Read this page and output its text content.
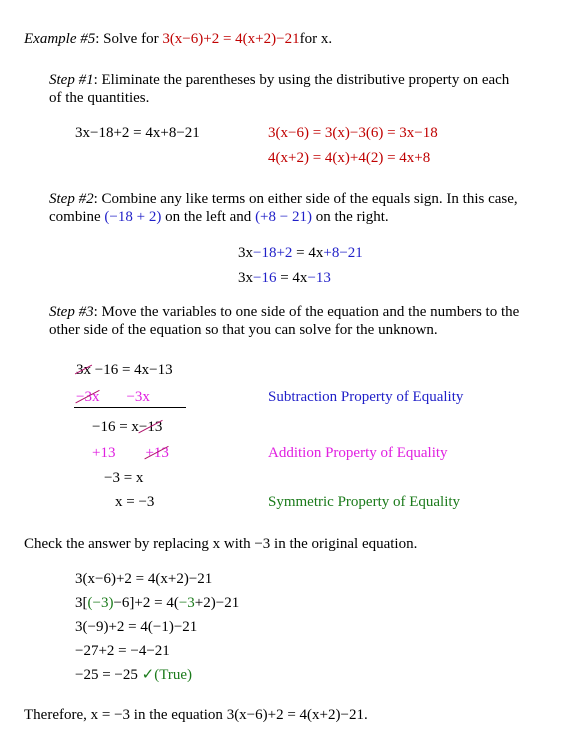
Example #5: Solve for 3(x−6)+2 = 4(x+2)−21for x.
Step #1: Eliminate the parentheses by using the distributive property on each
of the quantities.
3x−18+2 = 4x+8−21	3(x−6) = 3(x)−3(6) = 3x−18
4(x+2) = 4(x)+4(2) = 4x+8
Step #2: Combine any like terms on either side of the equals sign. In this case,
combine (−18 + 2) on the left and (+8 − 21) on the right.
3x−18+2 = 4x+8−21
3x−16 = 4x−13
Step #3: Move the variables to one side of the equation and the numbers to the
other side of the equation so that you can solve for the unknown.
3x −16 = 4x−13
−3x −3x	Subtraction Property of Equality
−16 = x−13
+13 +13	Addition Property of Equality
−3 = x
x = −3	Symmetric Property of Equality
Check the answer by replacing x with −3 in the original equation.
3(x−6)+2 = 4(x+2)−21
3[(−3)−6]+2 = 4(−3+2)−21
3(−9)+2 = 4(−1)−21
−27+2 = −4−21
−25 = −25 ✓(True)
Therefore, x = −3 in the equation 3(x−6)+2 = 4(x+2)−21.
